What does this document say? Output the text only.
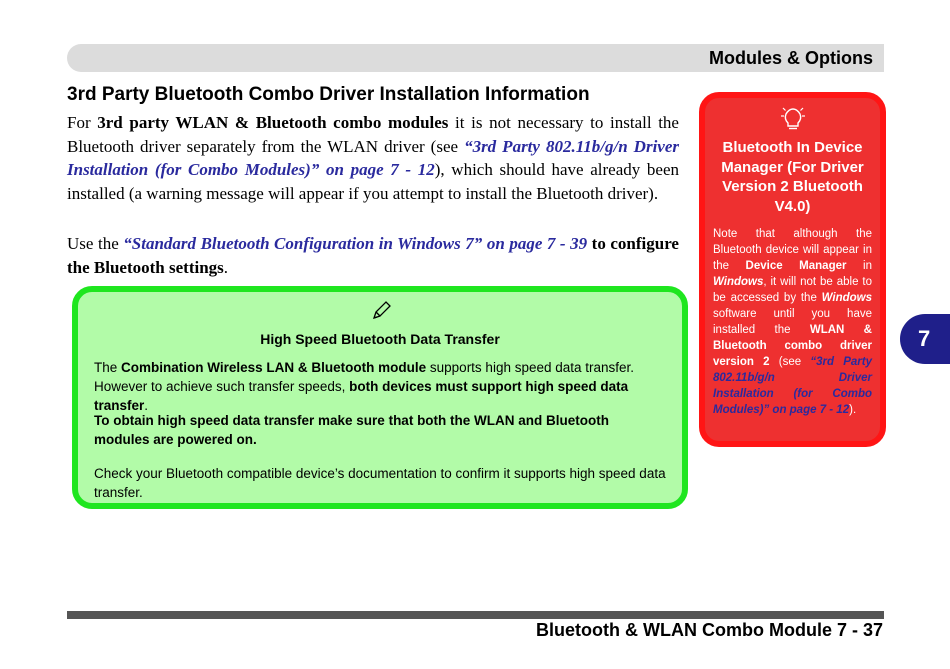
Modules & Options
3rd Party Bluetooth Combo Driver Installation Information
For 3rd party WLAN & Bluetooth combo modules it is not necessary to install the Bluetooth driver separately from the WLAN driver (see “3rd Party 802.11b/g/n Driver Installation (for Combo Modules)” on page 7 - 12), which should have already been installed (a warning message will appear if you attempt to install the Bluetooth driver).
Use the “Standard Bluetooth Configuration in Windows 7” on page 7 - 39 to configure the Bluetooth settings.
High Speed Bluetooth Data Transfer

The Combination Wireless LAN & Bluetooth module supports high speed data transfer. However to achieve such transfer speeds, both devices must support high speed data transfer.

To obtain high speed data transfer make sure that both the WLAN and Bluetooth modules are powered on.

Check your Bluetooth compatible device’s documentation to confirm it supports high speed data transfer.

Bluetooth In Device Manager (For Driver Version 2 Bluetooth V4.0)
Note that although the Bluetooth device will appear in the Device Manager in Windows, it will not be able to be accessed by the Windows software until you have installed the WLAN & Bluetooth combo driver version 2 (see “3rd Party 802.11b/g/n Driver Installation (for Combo Modules)” on page 7 - 12).
7
Bluetooth & WLAN Combo Module 7 - 37
